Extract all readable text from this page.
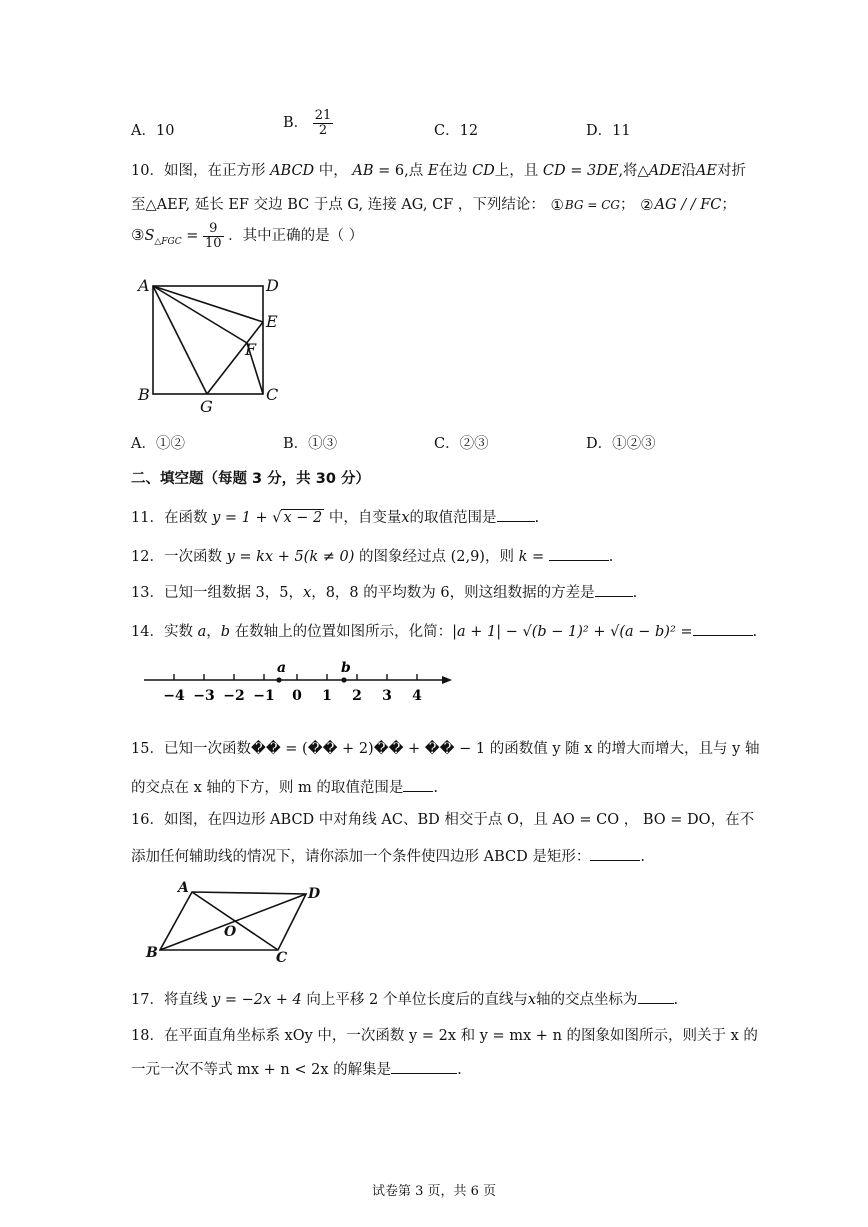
A．10	B． $\frac{21}{2}$	C．12	D．11
10．如图，在正方形 ABCD 中， AB = 6,点 E在边 CD上，且 CD = 3DE,将△ADE沿AE对折
至△AEF, 延长 EF 交边 BC 于点 G, 连接 AG, CF ，下列结论： ①BG = CG； ②AG / / FC；
$③S_{\triangle FGC} = \frac{9}{10}$ ．其中正确的是（ ）
A	D
E
F
B	C
G
A．①②	B．①③	C．②③	D．①②③
二、填空题（每题 3 分，共 30 分）
11．在函数 y = 1 + √ x − 2 中，自变量x的取值范围是	.
12．一次函数 y = kx + 5(k ≠ 0) 的图象经过点 (2,9)，则 k =	.
13．已知一组数据 3，5，x，8，8 的平均数为 6，则这组数据的方差是	.
14．实数 a，b 在数轴上的位置如图所示，化简：|a + 1| − √(b − 1)² + √(a − b)² =	.
−4 −3 −2 −1 0 1 2 3 4
a	b
15．已知一次函数�� = (�� + 2)�� + �� − 1 的函数值 y 随 x 的增大而增大，且与 y 轴
的交点在 x 轴的下方，则 m 的取值范围是 .
16．如图，在四边形 ABCD 中对角线 AC、BD 相交于点 O，且 AO = CO ， BO = DO，在不
添加任何辅助线的情况下，请你添加一个条件使四边形 ABCD 是矩形：	.
A	D
B	C
O
17．将直线 y = −2x + 4 向上平移 2 个单位长度后的直线与x轴的交点坐标为 .
18．在平面直角坐标系 xOy 中，一次函数 y = 2x 和 y = mx + n 的图象如图所示，则关于 x 的
一元一次不等式 mx + n < 2x 的解集是	.
试卷第 3 页，共 6 页
